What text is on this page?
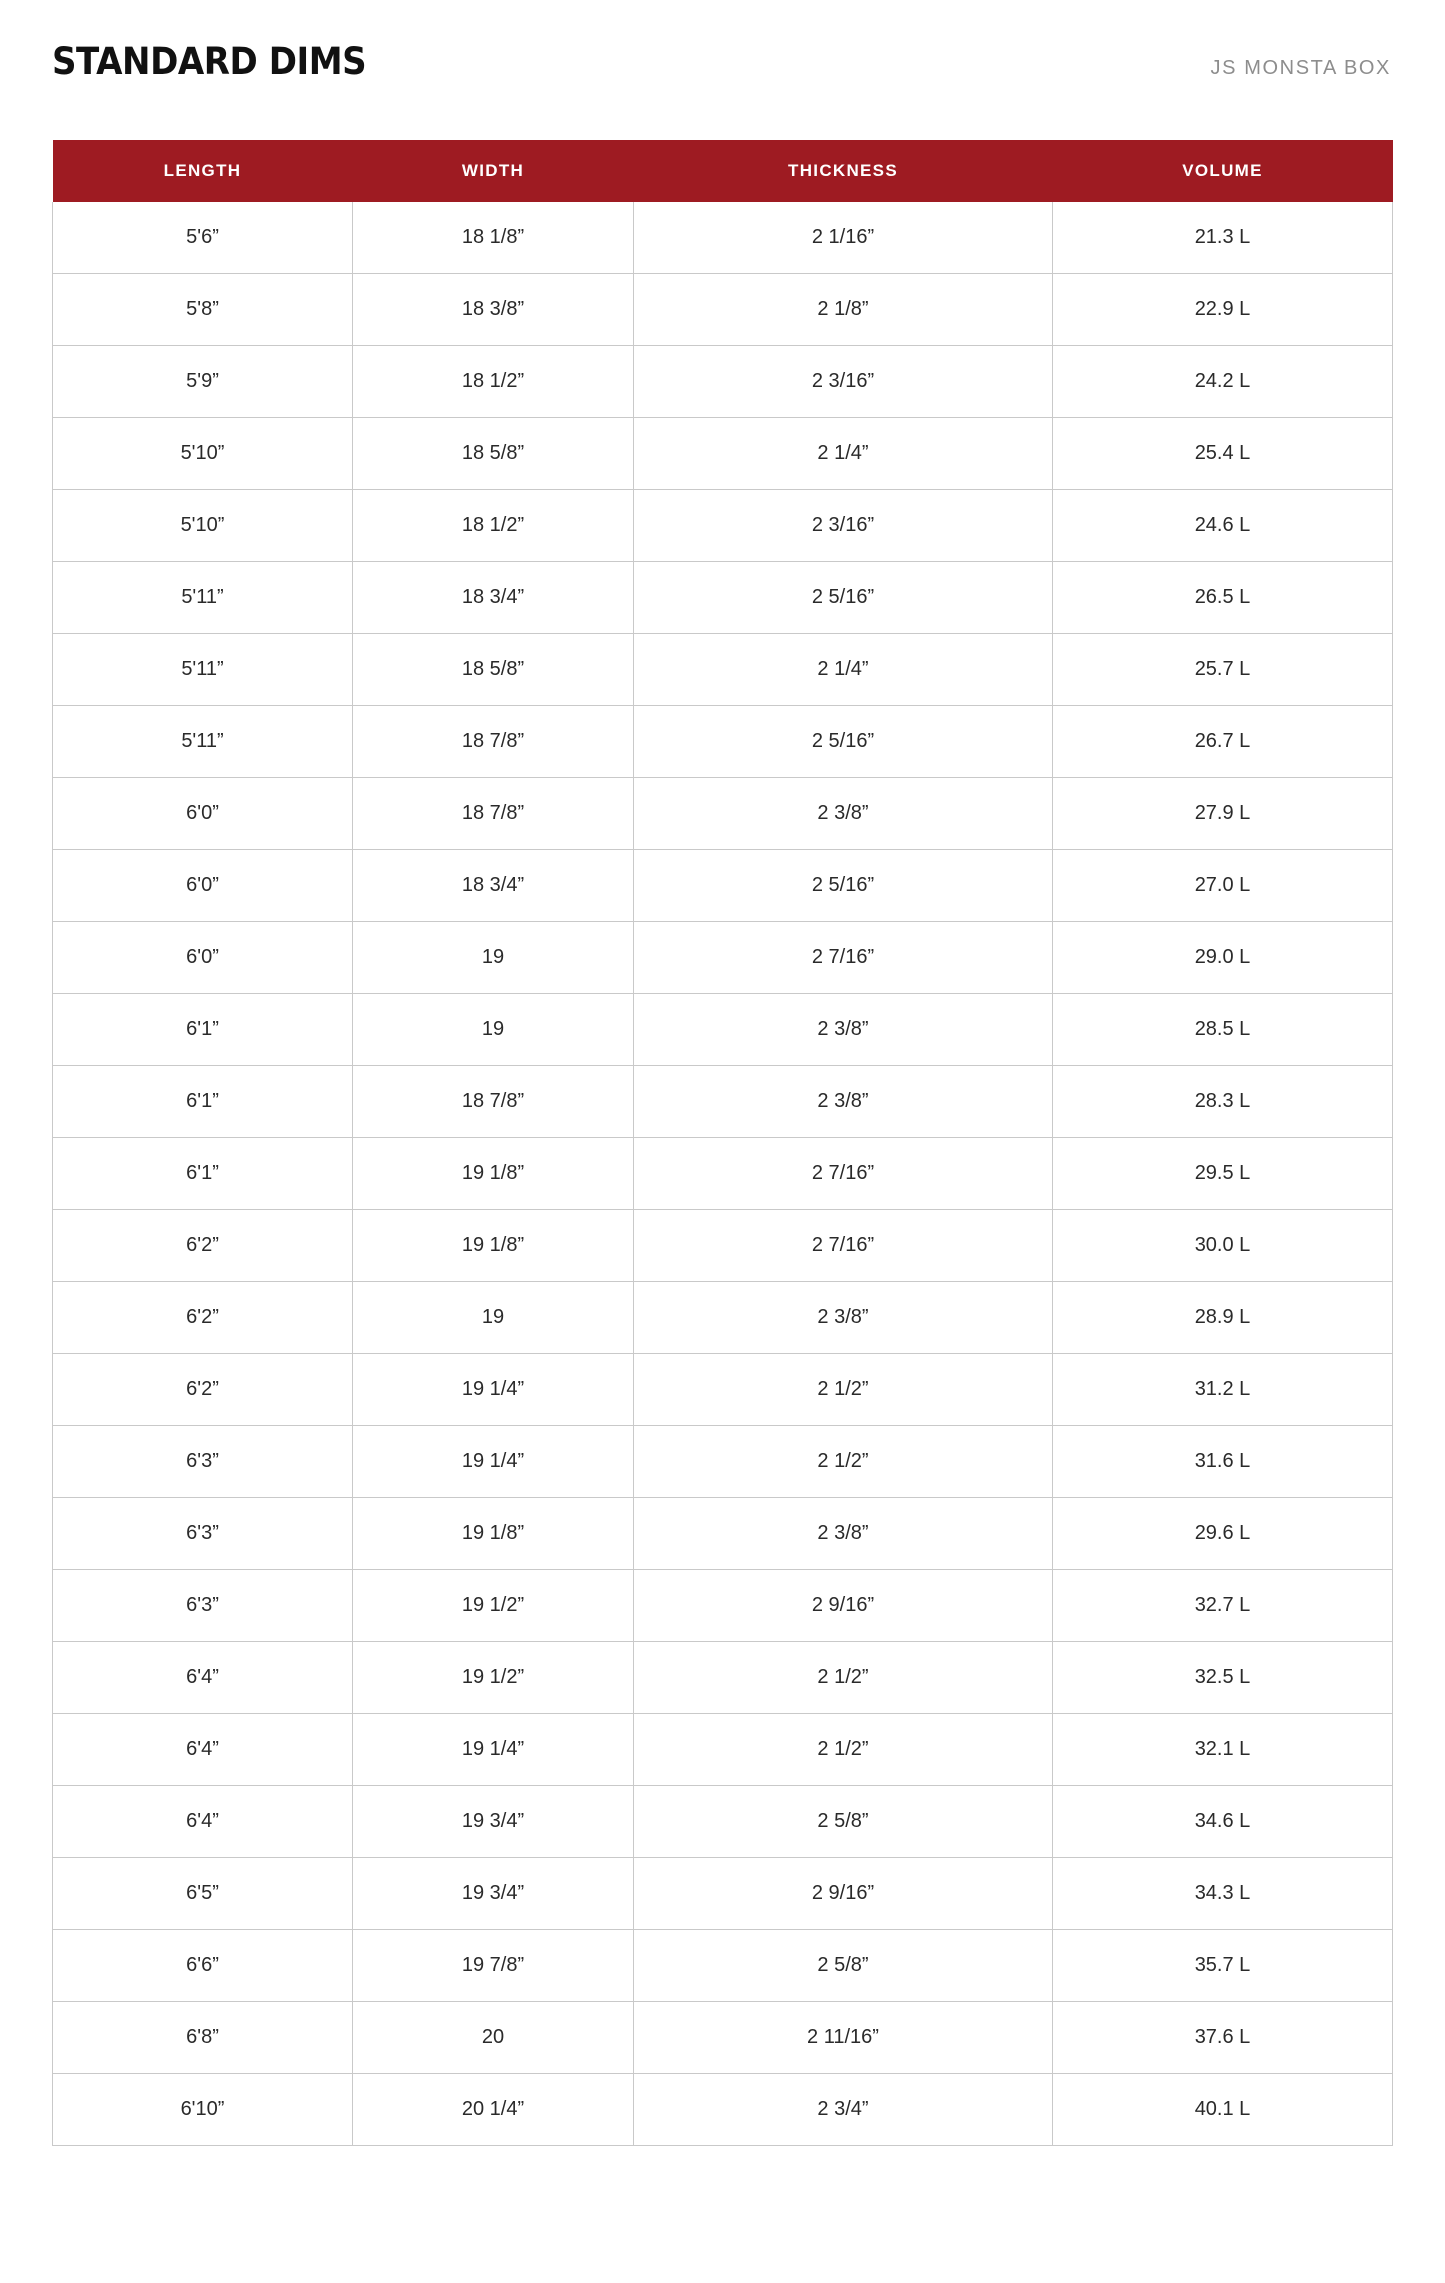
STANDARD DIMS	JS MONSTA BOX
LENGTH	WIDTH	THICKNESS	VOLUME
5'6”	18 1/8”	2 1/16”	21.3 L
5'8”	18 3/8”	2 1/8”	22.9 L
5'9”	18 1/2”	2 3/16”	24.2 L
5'10”	18 5/8”	2 1/4”	25.4 L
5'10”	18 1/2”	2 3/16”	24.6 L
5'11”	18 3/4”	2 5/16”	26.5 L
5'11”	18 5/8”	2 1/4”	25.7 L
5'11”	18 7/8”	2 5/16”	26.7 L
6'0”	18 7/8”	2 3/8”	27.9 L
6'0”	18 3/4”	2 5/16”	27.0 L
6'0”	19	2 7/16”	29.0 L
6'1”	19	2 3/8”	28.5 L
6'1”	18 7/8”	2 3/8”	28.3 L
6'1”	19 1/8”	2 7/16”	29.5 L
6'2”	19 1/8”	2 7/16”	30.0 L
6'2”	19	2 3/8”	28.9 L
6'2”	19 1/4”	2 1/2”	31.2 L
6'3”	19 1/4”	2 1/2”	31.6 L
6'3”	19 1/8”	2 3/8”	29.6 L
6'3”	19 1/2”	2 9/16”	32.7 L
6'4”	19 1/2”	2 1/2”	32.5 L
6'4”	19 1/4”	2 1/2”	32.1 L
6'4”	19 3/4”	2 5/8”	34.6 L
6'5”	19 3/4”	2 9/16”	34.3 L
6'6”	19 7/8”	2 5/8”	35.7 L
6'8”	20	2 11/16”	37.6 L
6'10”	20 1/4”	2 3/4”	40.1 L
